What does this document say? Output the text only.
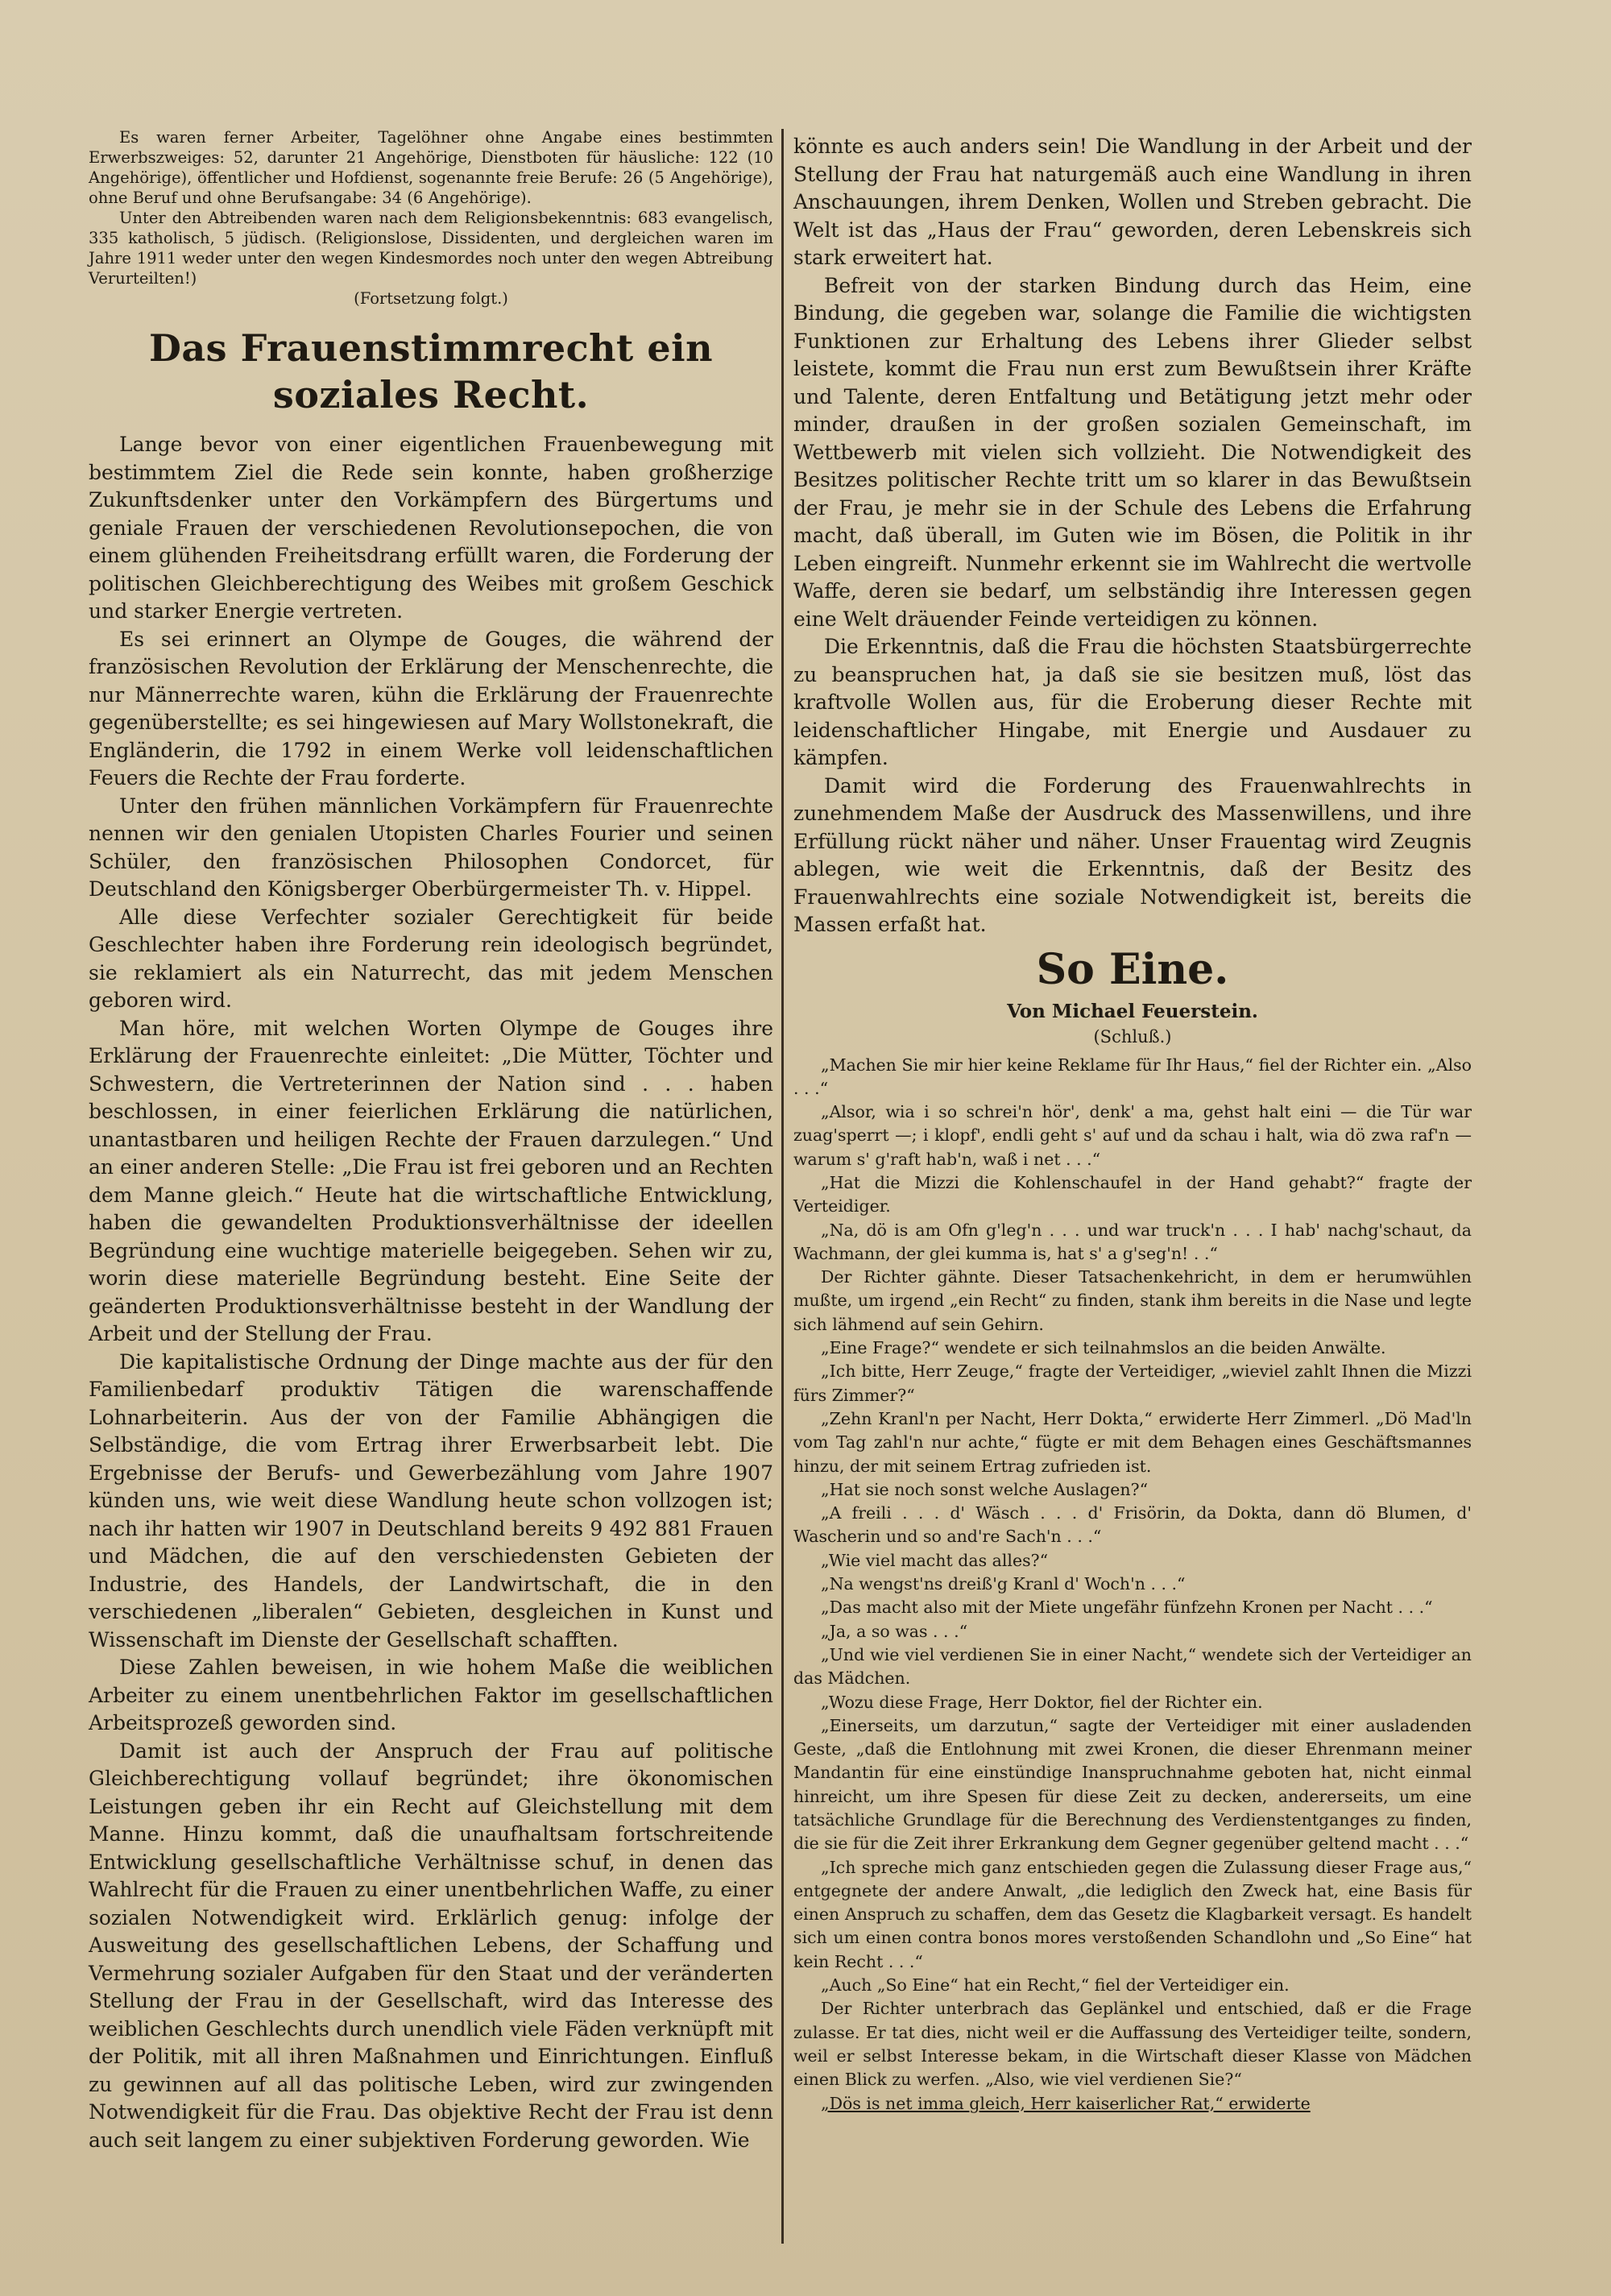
Es waren ferner Arbeiter, Tagelöhner ohne Angabe eines bestimmten Erwerbszweiges: 52, darunter 21 Angehörige, Dienstboten für häusliche: 122 (10 Angehörige), öffentlicher und Hofdienst, sogenannte freie Berufe: 26 (5 Angehörige), ohne Beruf und ohne Berufsangabe: 34 (6 Angehörige).

Unter den Abtreibenden waren nach dem Religionsbekenntnis: 683 evangelisch, 335 katholisch, 5 jüdisch. (Religionslose, Dissidenten, und dergleichen waren im Jahre 1911 weder unter den wegen Kindesmordes noch unter den wegen Abtreibung Verurteilten!)

(Fortsetzung folgt.)

Das Frauenstimmrecht ein soziales Recht.

Lange bevor von einer eigentlichen Frauenbewegung mit bestimmtem Ziel die Rede sein konnte, haben großherzige Zukunftsdenker unter den Vorkämpfern des Bürgertums und geniale Frauen der verschiedenen Revolutionsepochen, die von einem glühenden Freiheitsdrang erfüllt waren, die Forderung der politischen Gleichberechtigung des Weibes mit großem Geschick und starker Energie vertreten.

Es sei erinnert an Olympe de Gouges, die während der französischen Revolution der Erklärung der Menschenrechte, die nur Männerrechte waren, kühn die Erklärung der Frauenrechte gegenüberstellte; es sei hingewiesen auf Mary Wollstonekraft, die Engländerin, die 1792 in einem Werke voll leidenschaftlichen Feuers die Rechte der Frau forderte.

Unter den frühen männlichen Vorkämpfern für Frauenrechte nennen wir den genialen Utopisten Charles Fourier und seinen Schüler, den französischen Philosophen Condorcet, für Deutschland den Königsberger Oberbürgermeister Th. v. Hippel.

Alle diese Verfechter sozialer Gerechtigkeit für beide Geschlechter haben ihre Forderung rein ideologisch begründet, sie reklamiert als ein Naturrecht, das mit jedem Menschen geboren wird.

Man höre, mit welchen Worten Olympe de Gouges ihre Erklärung der Frauenrechte einleitet: „Die Mütter, Töchter und Schwestern, die Vertreterinnen der Nation sind . . . haben beschlossen, in einer feierlichen Erklärung die natürlichen, unantastbaren und heiligen Rechte der Frauen darzulegen.“ Und an einer anderen Stelle: „Die Frau ist frei geboren und an Rechten dem Manne gleich.“ Heute hat die wirtschaftliche Entwicklung, haben die gewandelten Produktionsverhältnisse der ideellen Begründung eine wuchtige materielle beigegeben. Sehen wir zu, worin diese materielle Begründung besteht. Eine Seite der geänderten Produktionsverhältnisse besteht in der Wandlung der Arbeit und der Stellung der Frau.

Die kapitalistische Ordnung der Dinge machte aus der für den Familienbedarf produktiv Tätigen die warenschaffende Lohnarbeiterin. Aus der von der Familie Abhängigen die Selbständige, die vom Ertrag ihrer Erwerbsarbeit lebt. Die Ergebnisse der Berufs- und Gewerbezählung vom Jahre 1907 künden uns, wie weit diese Wandlung heute schon vollzogen ist; nach ihr hatten wir 1907 in Deutschland bereits 9 492 881 Frauen und Mädchen, die auf den verschiedensten Gebieten der Industrie, des Handels, der Landwirtschaft, die in den verschiedenen „liberalen“ Gebieten, desgleichen in Kunst und Wissenschaft im Dienste der Gesellschaft schafften.

Diese Zahlen beweisen, in wie hohem Maße die weiblichen Arbeiter zu einem unentbehrlichen Faktor im gesellschaftlichen Arbeitsprozeß geworden sind.

Damit ist auch der Anspruch der Frau auf politische Gleichberechtigung vollauf begründet; ihre ökonomischen Leistungen geben ihr ein Recht auf Gleichstellung mit dem Manne. Hinzu kommt, daß die unaufhaltsam fortschreitende Entwicklung gesellschaftliche Verhältnisse schuf, in denen das Wahlrecht für die Frauen zu einer unentbehrlichen Waffe, zu einer sozialen Notwendigkeit wird. Erklärlich genug: infolge der Ausweitung des gesellschaftlichen Lebens, der Schaffung und Vermehrung sozialer Aufgaben für den Staat und der veränderten Stellung der Frau in der Gesellschaft, wird das Interesse des weiblichen Geschlechts durch unendlich viele Fäden verknüpft mit der Politik, mit all ihren Maßnahmen und Einrichtungen. Einfluß zu gewinnen auf all das politische Leben, wird zur zwingenden Notwendigkeit für die Frau. Das objektive Recht der Frau ist denn auch seit langem zu einer subjektiven Forderung geworden. Wie

könnte es auch anders sein! Die Wandlung in der Arbeit und der Stellung der Frau hat naturgemäß auch eine Wandlung in ihren Anschauungen, ihrem Denken, Wollen und Streben gebracht. Die Welt ist das „Haus der Frau“ geworden, deren Lebenskreis sich stark erweitert hat.

Befreit von der starken Bindung durch das Heim, eine Bindung, die gegeben war, solange die Familie die wichtigsten Funktionen zur Erhaltung des Lebens ihrer Glieder selbst leistete, kommt die Frau nun erst zum Bewußtsein ihrer Kräfte und Talente, deren Entfaltung und Betätigung jetzt mehr oder minder, draußen in der großen sozialen Gemeinschaft, im Wettbewerb mit vielen sich vollzieht. Die Notwendigkeit des Besitzes politischer Rechte tritt um so klarer in das Bewußtsein der Frau, je mehr sie in der Schule des Lebens die Erfahrung macht, daß überall, im Guten wie im Bösen, die Politik in ihr Leben eingreift. Nunmehr erkennt sie im Wahlrecht die wertvolle Waffe, deren sie bedarf, um selbständig ihre Interessen gegen eine Welt dräuender Feinde verteidigen zu können.

Die Erkenntnis, daß die Frau die höchsten Staatsbürgerrechte zu beanspruchen hat, ja daß sie sie besitzen muß, löst das kraftvolle Wollen aus, für die Eroberung dieser Rechte mit leidenschaftlicher Hingabe, mit Energie und Ausdauer zu kämpfen.

Damit wird die Forderung des Frauenwahlrechts in zunehmendem Maße der Ausdruck des Massenwillens, und ihre Erfüllung rückt näher und näher. Unser Frauentag wird Zeugnis ablegen, wie weit die Erkenntnis, daß der Besitz des Frauenwahlrechts eine soziale Notwendigkeit ist, bereits die Massen erfaßt hat.

So Eine.
Von Michael Feuerstein.
(Schluß.)

„Machen Sie mir hier keine Reklame für Ihr Haus,“ fiel der Richter ein. „Also . . .“

„Alsor, wia i so schrei'n hör', denk' a ma, gehst halt eini — die Tür war zuag'sperrt —; i klopf', endli geht s' auf und da schau i halt, wia dö zwa raf'n — warum s' g'raft hab'n, waß i net . . .“

„Hat die Mizzi die Kohlenschaufel in der Hand gehabt?“ fragte der Verteidiger.

„Na, dö is am Ofn g'leg'n . . . und war truck'n . . . I hab' nachg'schaut, da Wachmann, der glei kumma is, hat s' a g'seg'n! . .“

Der Richter gähnte. Dieser Tatsachenkehricht, in dem er herumwühlen mußte, um irgend „ein Recht“ zu finden, stank ihm bereits in die Nase und legte sich lähmend auf sein Gehirn.

„Eine Frage?“ wendete er sich teilnahmslos an die beiden Anwälte.

„Ich bitte, Herr Zeuge,“ fragte der Verteidiger, „wieviel zahlt Ihnen die Mizzi fürs Zimmer?“

„Zehn Kranl'n per Nacht, Herr Dokta,“ erwiderte Herr Zimmerl. „Dö Mad'ln vom Tag zahl'n nur achte,“ fügte er mit dem Behagen eines Geschäftsmannes hinzu, der mit seinem Ertrag zufrieden ist.

„Hat sie noch sonst welche Auslagen?“

„A freili . . . d' Wäsch . . . d' Frisörin, da Dokta, dann dö Blumen, d' Wascherin und so and're Sach'n . . .“

„Wie viel macht das alles?“

„Na wengst'ns dreiß'g Kranl d' Woch'n . . .“

„Das macht also mit der Miete ungefähr fünfzehn Kronen per Nacht . . .“

„Ja, a so was . . .“

„Und wie viel verdienen Sie in einer Nacht,“ wendete sich der Verteidiger an das Mädchen.

„Wozu diese Frage, Herr Doktor, fiel der Richter ein.

„Einerseits, um darzutun,“ sagte der Verteidiger mit einer ausladenden Geste, „daß die Entlohnung mit zwei Kronen, die dieser Ehrenmann meiner Mandantin für eine einstündige Inanspruchnahme geboten hat, nicht einmal hinreicht, um ihre Spesen für diese Zeit zu decken, andererseits, um eine tatsächliche Grundlage für die Berechnung des Verdienstentganges zu finden, die sie für die Zeit ihrer Erkrankung dem Gegner gegenüber geltend macht . . .“

„Ich spreche mich ganz entschieden gegen die Zulassung dieser Frage aus,“ entgegnete der andere Anwalt, „die lediglich den Zweck hat, eine Basis für einen Anspruch zu schaffen, dem das Gesetz die Klagbarkeit versagt. Es handelt sich um einen contra bonos mores verstoßenden Schandlohn und „So Eine“ hat kein Recht . . .“

„Auch „So Eine“ hat ein Recht,“ fiel der Verteidiger ein.

Der Richter unterbrach das Geplänkel und entschied, daß er die Frage zulasse. Er tat dies, nicht weil er die Auffassung des Verteidiger teilte, sondern, weil er selbst Interesse bekam, in die Wirtschaft dieser Klasse von Mädchen einen Blick zu werfen. „Also, wie viel verdienen Sie?“

„Dös is net imma gleich, Herr kaiserlicher Rat,“ erwiderte
